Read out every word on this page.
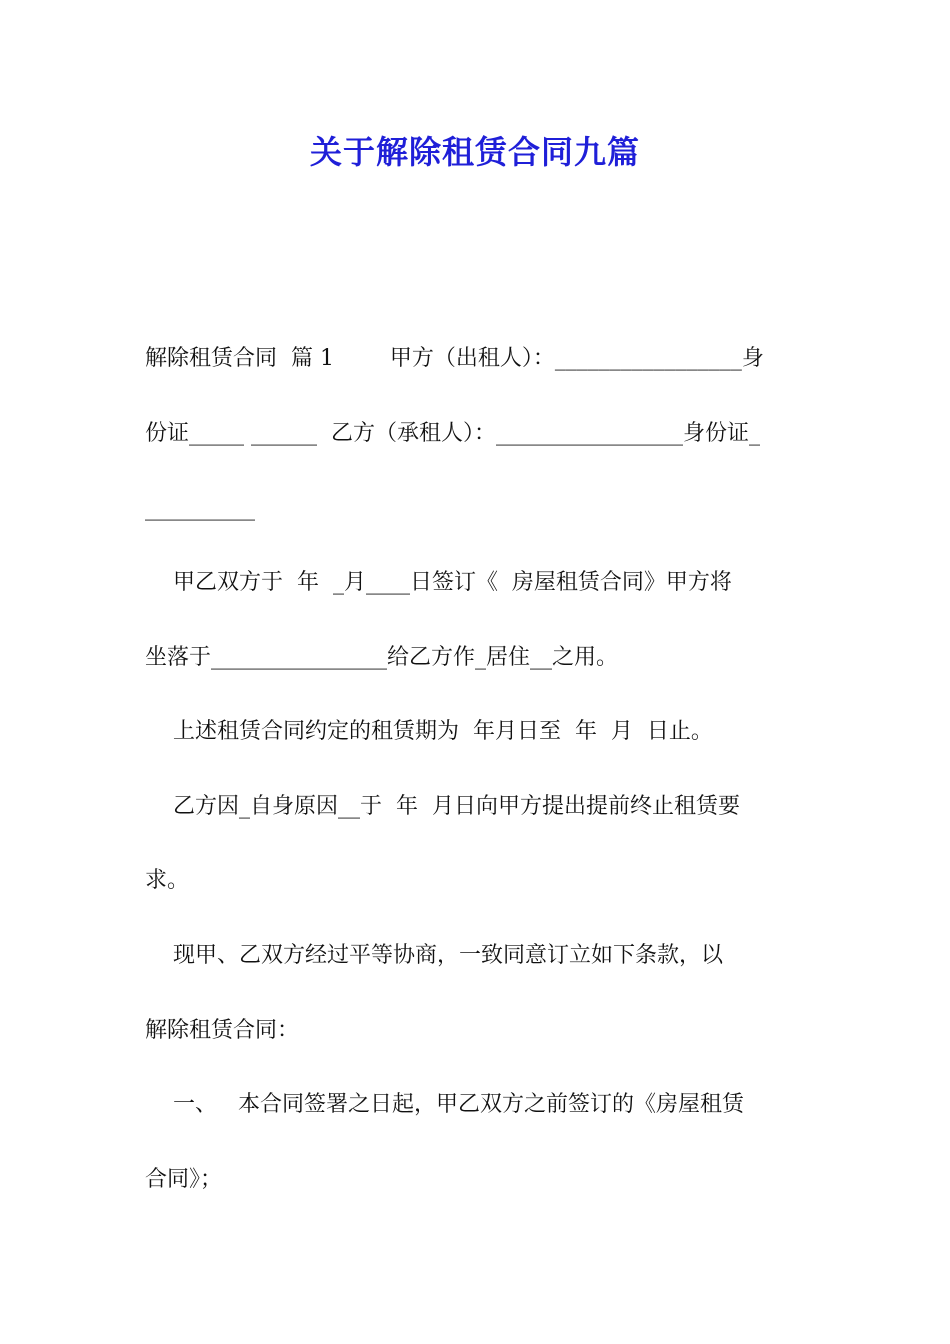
关于解除租赁合同九篇

解除租赁合同  篇 1        甲方（出租人）：_________________身

份证_____ ______  乙方（承租人）：_________________身份证_

__________

甲乙双方于  年  _月____日签订《  房屋租赁合同》甲方将

坐落于________________给乙方作_居住__之用。

上述租赁合同约定的租赁期为  年月日至  年  月  日止。

乙方因_自身原因__于  年  月日向甲方提出提前终止租赁要

求。

现甲、乙双方经过平等协商，一致同意订立如下条款，以

解除租赁合同：

一、   本合同签署之日起，甲乙双方之前签订的《房屋租赁

合同》；
